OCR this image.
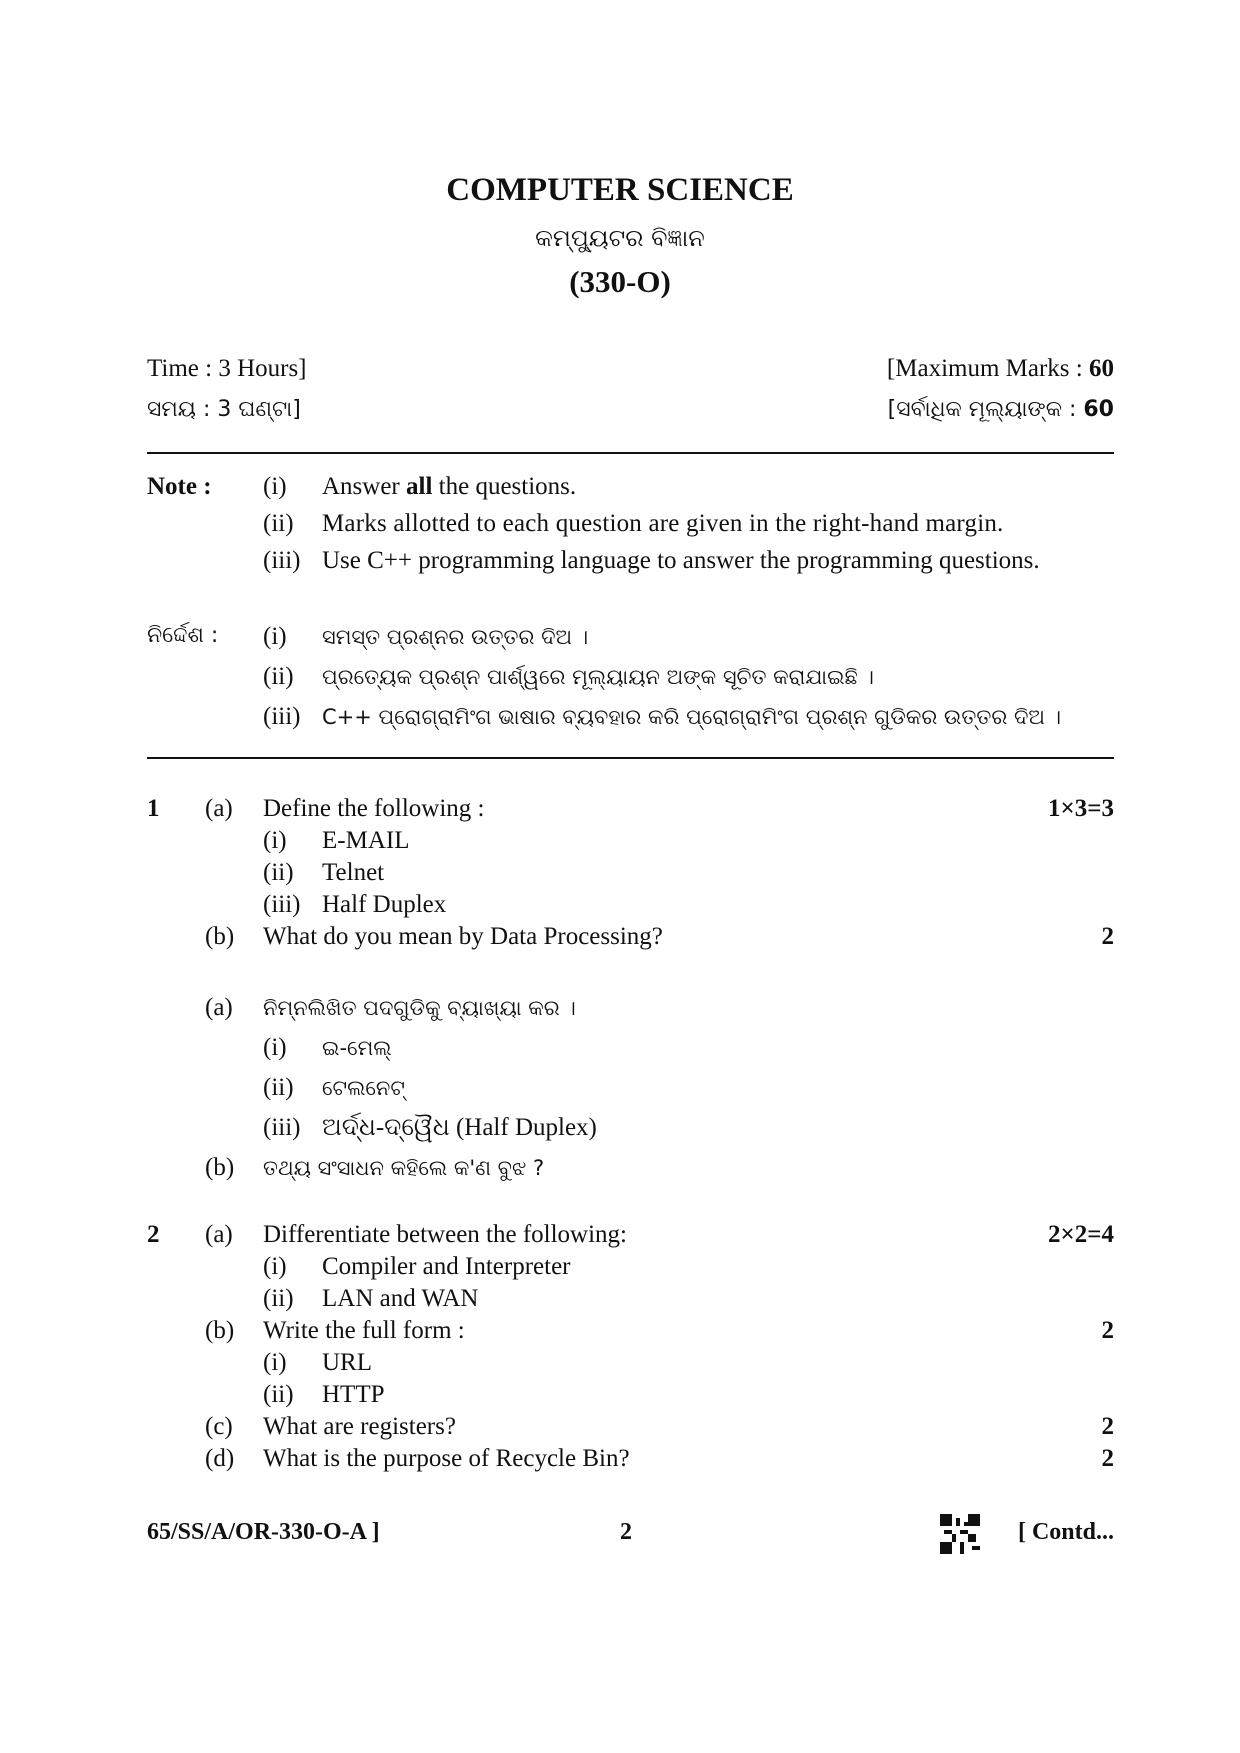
COMPUTER SCIENCE
କମ୍ପ୍ୟୁଟର ବିଜ୍ଞାନ
(330-O)
Time : 3 Hours]	[Maximum Marks : 60
ସମୟ : 3 ଘଣ୍ଟା]	[ସର୍ବାଧିକ ମୂଲ୍ୟାଙ୍କ : 60
Note : (i) Answer all the questions.
(ii) Marks allotted to each question are given in the right-hand margin.
(iii) Use C++ programming language to answer the programming questions.
ନିର୍ଦ୍ଦେଶ : (i) ସମସ୍ତ ପ୍ରଶ୍ନର ଉତ୍ତର ଦିଅ ।
(ii) ପ୍ରତ୍ୟେକ ପ୍ରଶ୍ନ ପାର୍ଶ୍ୱରେ ମୂଲ୍ୟାୟନ ଅଙ୍କ ସୂଚିତ କରାଯାଇଛି ।
(iii) C++ ପ୍ରୋଗ୍ରାମିଂଗ ଭାଷାର ବ୍ୟବହାର କରି ପ୍ରୋଗ୍ରାମିଂଗ ପ୍ରଶ୍ନ ଗୁଡିକର ଉତ୍ତର ଦିଅ ।
1 (a) Define the following :	1×3=3
(i) E-MAIL
(ii) Telnet
(iii) Half Duplex
(b) What do you mean by Data Processing?	2
(a) ନିମ୍ନଲିଖିତ ପଦଗୁଡିକୁ ବ୍ୟାଖ୍ୟା କର ।
(i) ଇ-ମେଲ୍
(ii) ଟେଲନେଟ୍
(iii) ଅର୍ଦ୍ଧ-ଦ୍ୱୈଧ (Half Duplex)
(b) ତଥ୍ୟ ସଂସାଧନ କହିଲେ କ'ଣ ବୁଝ ?
2 (a) Differentiate between the following:	2×2=4
(i) Compiler and Interpreter
(ii) LAN and WAN
(b) Write the full form :	2
(i) URL
(ii) HTTP
(c) What are registers?	2
(d) What is the purpose of Recycle Bin?	2
65/SS/A/OR-330-O-A ]	2	[ Contd...
